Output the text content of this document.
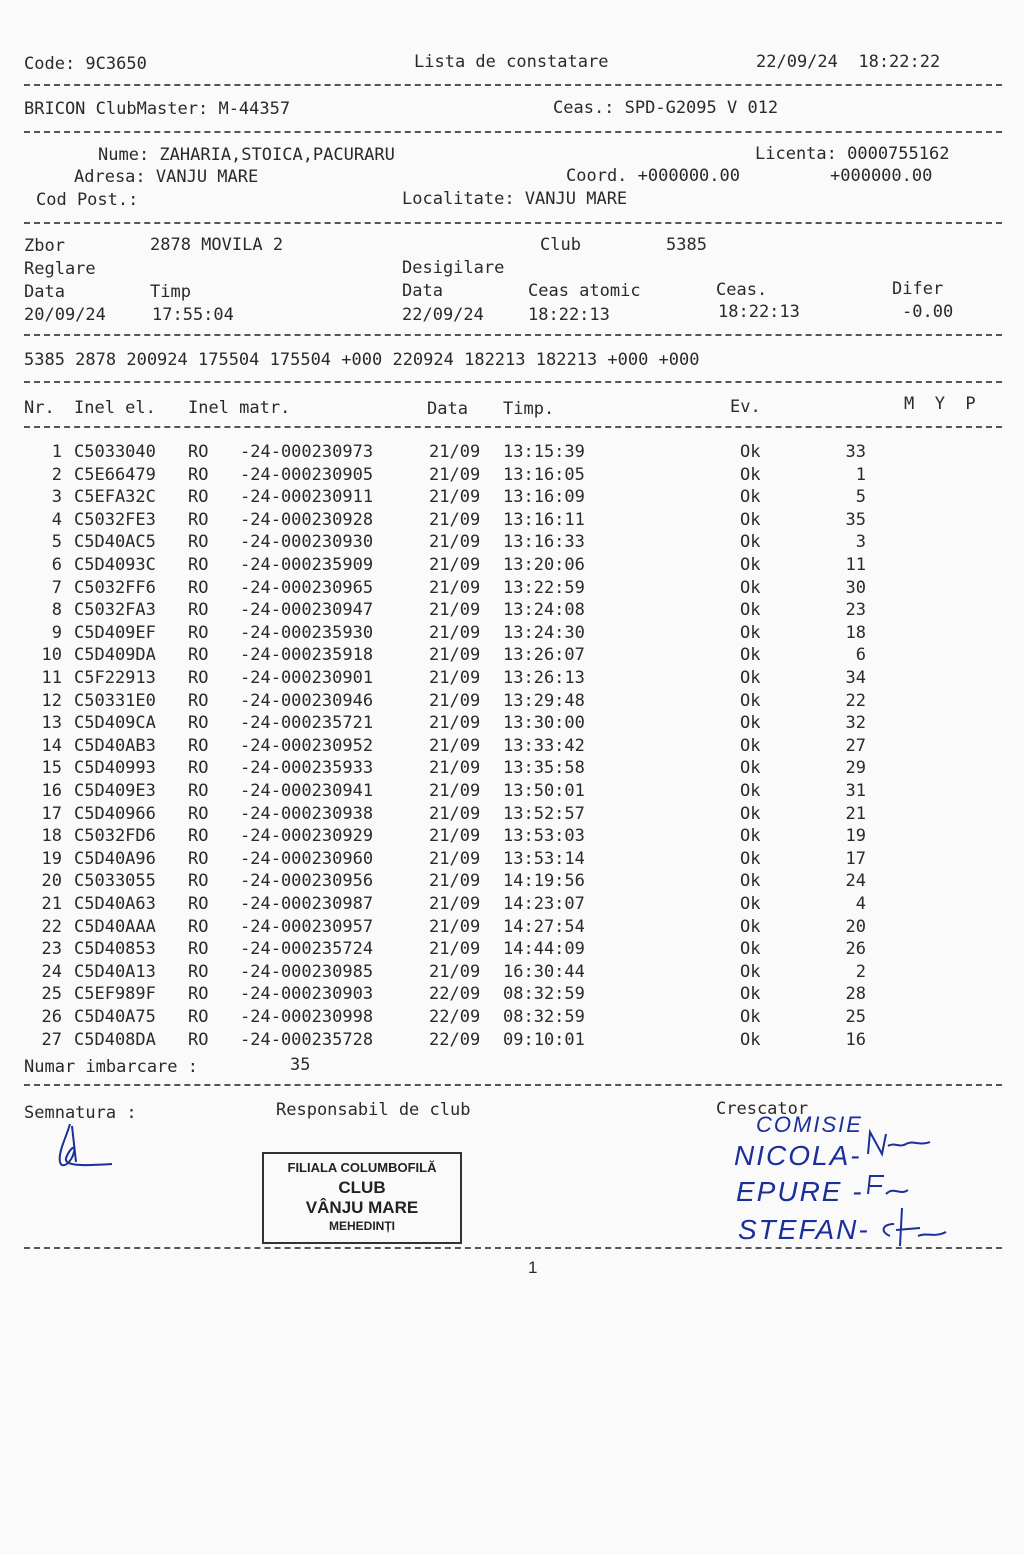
Code: 9C3650	Lista de constatare	22/09/24  18:22:22
BRICON ClubMaster: M-44357	Ceas.: SPD-G2095 V 012
Nume: ZAHARIA,STOICA,PACURARU	Licenta: 0000755162
Adresa: VANJU MARE	Coord. +000000.00	+000000.00
Cod Post.:	Localitate: VANJU MARE
Zbor	2878 MOVILA 2	Club	5385
Reglare	Desigilare
Data	Timp	Data	Ceas atomic	Ceas.	Difer
20/09/24	17:55:04	22/09/24	18:22:13	18:22:13	-0.00
5385 2878 200924 175504 175504 +000 220924 182213 182213 +000 +000
Nr. Inel el. Inel matr.	Data Timp.	Ev.	M  Y  P
1 C5033040 RO -24-000230973	21/09 13:15:39	Ok	33
2 C5E66479 RO -24-000230905	21/09 13:16:05	Ok	1
3 C5EFA32C RO -24-000230911	21/09 13:16:09	Ok	5
4 C5032FE3 RO -24-000230928	21/09 13:16:11	Ok	35
5 C5D40AC5 RO -24-000230930	21/09 13:16:33	Ok	3
6 C5D4093C RO -24-000235909	21/09 13:20:06	Ok	11
7 C5032FF6 RO -24-000230965	21/09 13:22:59	Ok	30
8 C5032FA3 RO -24-000230947	21/09 13:24:08	Ok	23
9 C5D409EF RO -24-000235930	21/09 13:24:30	Ok	18
10 C5D409DA RO -24-000235918	21/09 13:26:07	Ok	6
11 C5F22913 RO -24-000230901	21/09 13:26:13	Ok	34
12 C50331E0 RO -24-000230946	21/09 13:29:48	Ok	22
13 C5D409CA RO -24-000235721	21/09 13:30:00	Ok	32
14 C5D40AB3 RO -24-000230952	21/09 13:33:42	Ok	27
15 C5D40993 RO -24-000235933	21/09 13:35:58	Ok	29
16 C5D409E3 RO -24-000230941	21/09 13:50:01	Ok	31
17 C5D40966 RO -24-000230938	21/09 13:52:57	Ok	21
18 C5032FD6 RO -24-000230929	21/09 13:53:03	Ok	19
19 C5D40A96 RO -24-000230960	21/09 13:53:14	Ok	17
20 C5033055 RO -24-000230956	21/09 14:19:56	Ok	24
21 C5D40A63 RO -24-000230987	21/09 14:23:07	Ok	4
22 C5D40AAA RO -24-000230957	21/09 14:27:54	Ok	20
23 C5D40853 RO -24-000235724	21/09 14:44:09	Ok	26
24 C5D40A13 RO -24-000230985	21/09 16:30:44	Ok	2
25 C5EF989F RO -24-000230903	22/09 08:32:59	Ok	28
26 C5D40A75 RO -24-000230998	22/09 08:32:59	Ok	25
27 C5D408DA RO -24-000235728	22/09 09:10:01	Ok	16
Numar imbarcare :	35
Semnatura :	Responsabil de club	Crescator
FILIALA COLUMBOFILĂ
CLUB
VÂNJU MARE
MEHEDINȚI
COMISIE
NICOLA-
EPURE -
STEFAN-
1
